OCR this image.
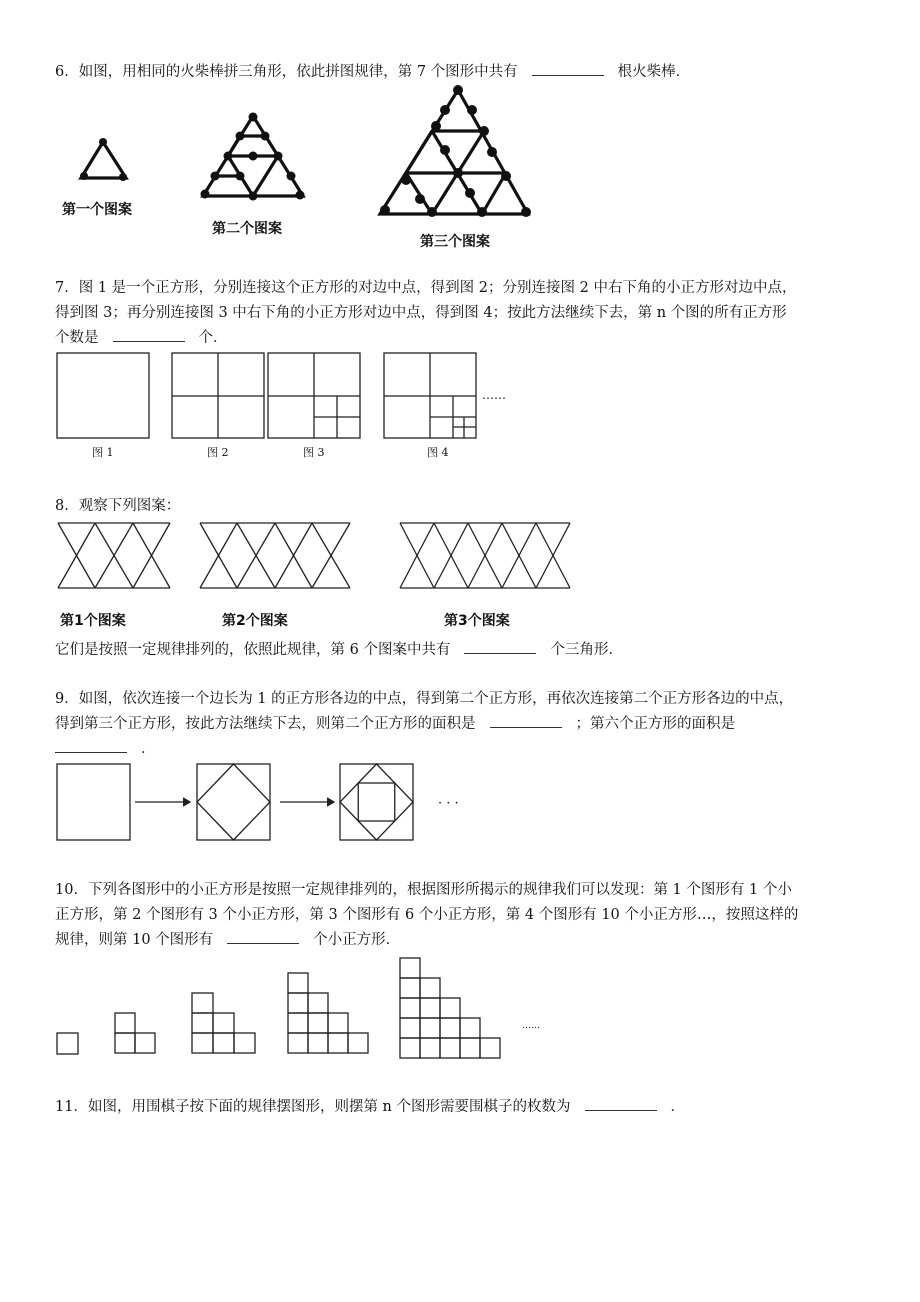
6．如图，用相同的火柴棒拼三角形，依此拼图规律，第 7 个图形中共有	根火柴棒．
第一个图案
第二个图案
第三个图案
7．图 1 是一个正方形，分别连接这个正方形的对边中点，得到图 2；分别连接图 2 中右下角的小正方形对边中点，
得到图 3；再分别连接图 3 中右下角的小正方形对边中点，得到图 4；按此方法继续下去，第 n 个图的所有正方形
个数是	个．
……
图 1	图 2	图 3	图 4
8．观察下列图案：
第1个图案	第2个图案	第3个图案
它们是按照一定规律排列的，依照此规律，第 6 个图案中共有	个三角形．
9．如图，依次连接一个边长为 1 的正方形各边的中点，得到第二个正方形，再依次连接第二个正方形各边的中点，
得到第三个正方形，按此方法继续下去，则第二个正方形的面积是	；第六个正方形的面积是
．
· · ·
10．下列各图形中的小正方形是按照一定规律排列的，根据图形所揭示的规律我们可以发现：第 1 个图形有 1 个小
正方形，第 2 个图形有 3 个小正方形，第 3 个图形有 6 个小正方形，第 4 个图形有 10 个小正方形…，按照这样的
规律，则第 10 个图形有	个小正方形．
……
11．如图，用围棋子按下面的规律摆图形，则摆第 n 个图形需要围棋子的枚数为	．
